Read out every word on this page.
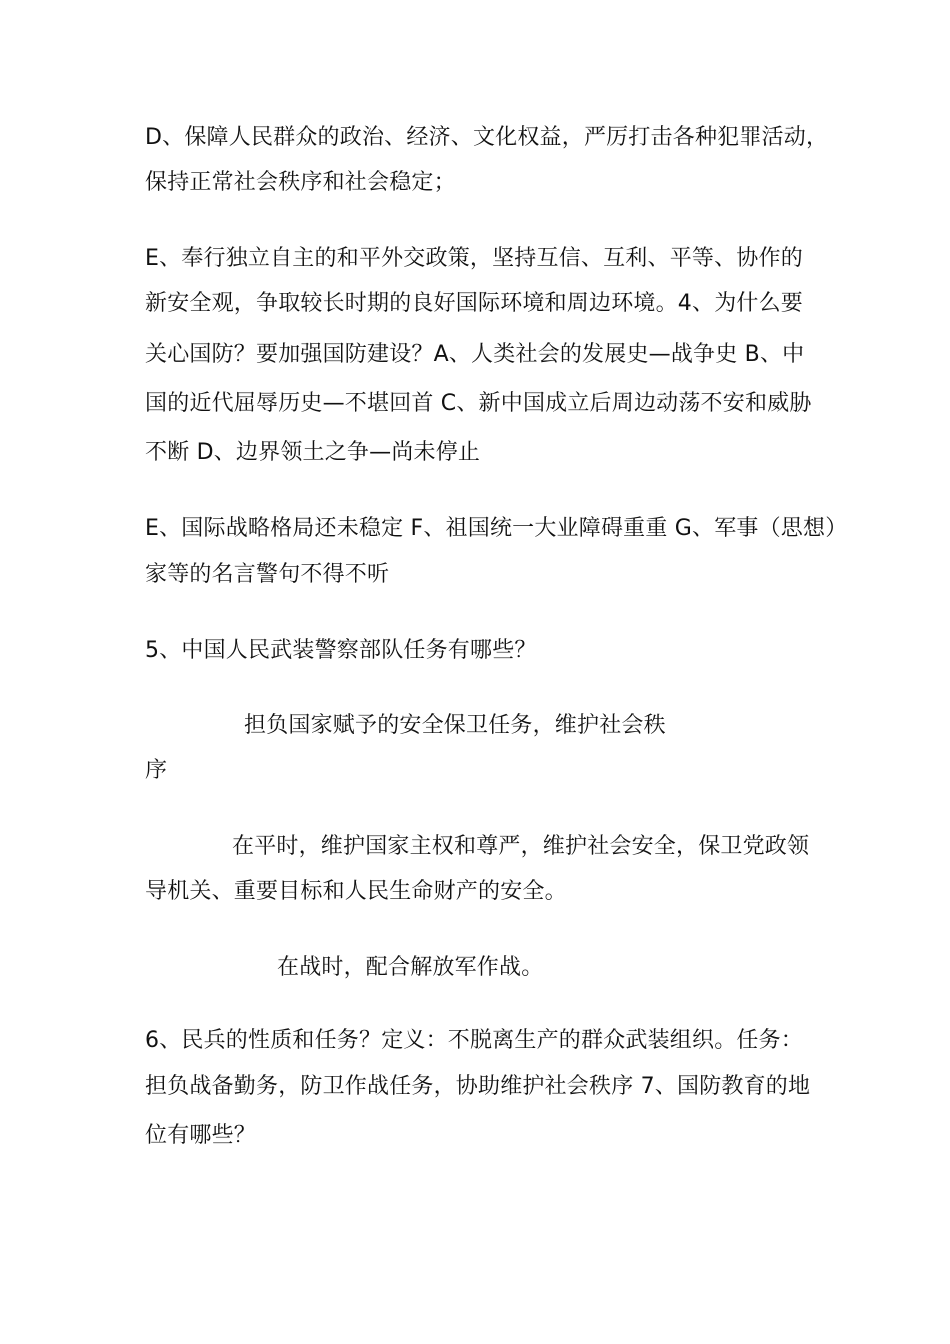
D、保障人民群众的政治、经济、文化权益，严厉打击各种犯罪活动，
保持正常社会秩序和社会稳定；
E、奉行独立自主的和平外交政策，坚持互信、互利、平等、协作的
新安全观，争取较长时期的良好国际环境和周边环境。4、为什么要
关心国防？要加强国防建设？A、人类社会的发展史—战争史 B、中
国的近代屈辱历史—不堪回首 C、新中国成立后周边动荡不安和威胁
不断 D、边界领土之争—尚未停止
E、国际战略格局还未稳定 F、祖国统一大业障碍重重 G、军事（思想）
家等的名言警句不得不听
5、中国人民武装警察部队任务有哪些？
担负国家赋予的安全保卫任务，维护社会秩
序
在平时，维护国家主权和尊严，维护社会安全，保卫党政领
导机关、重要目标和人民生命财产的安全。
在战时，配合解放军作战。
6、民兵的性质和任务？定义：不脱离生产的群众武装组织。任务：
担负战备勤务，防卫作战任务，协助维护社会秩序 7、国防教育的地
位有哪些？
